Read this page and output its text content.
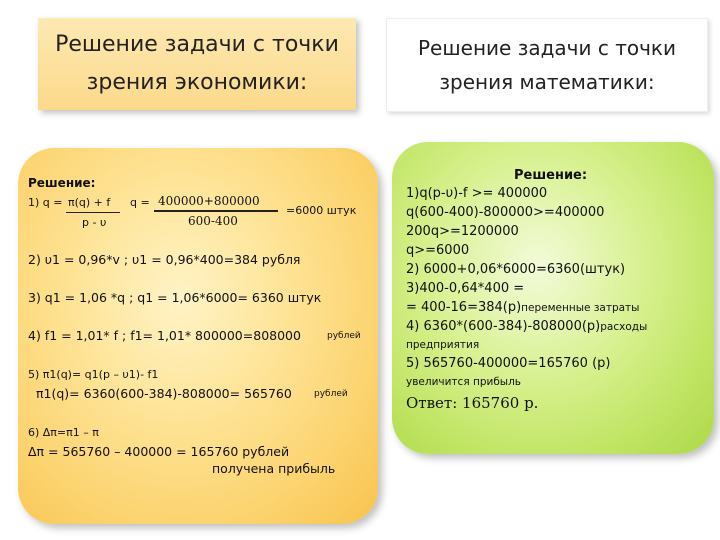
Решение задачи с точки
зрения экономики:
Решение задачи с точки
зрения математики:
Решение:
1) q = π(q) + f
p - υ
q = 400000+800000
600-400
=6000 штук
2) υ1 = 0,96*v ; υ1 = 0,96*400=384 рубля
3) q1 = 1,06 *q ; q1 = 1,06*6000= 6360 штук
4) f1 = 1,01* f ; f1= 1,01* 800000=808000	рублей
5) π1(q)= q1(p – υ1)- f1
π1(q)= 6360(600-384)-808000= 565760 рублей
6) Δπ=π1 – π
Δπ = 565760 – 400000 = 165760 рублей
получена прибыль
Решение:
1)q(p-υ)-f >= 400000
q(600-400)-800000>=400000
200q>=1200000
q>=6000
2) 6000+0,06*6000=6360(штук)
3)400-0,64*400 =
= 400-16=384(р)переменные затраты
4) 6360*(600-384)-808000(р)расходы
предприятия
5) 565760-400000=165760 (р)
увеличится прибыль
Ответ: 165760 р.
